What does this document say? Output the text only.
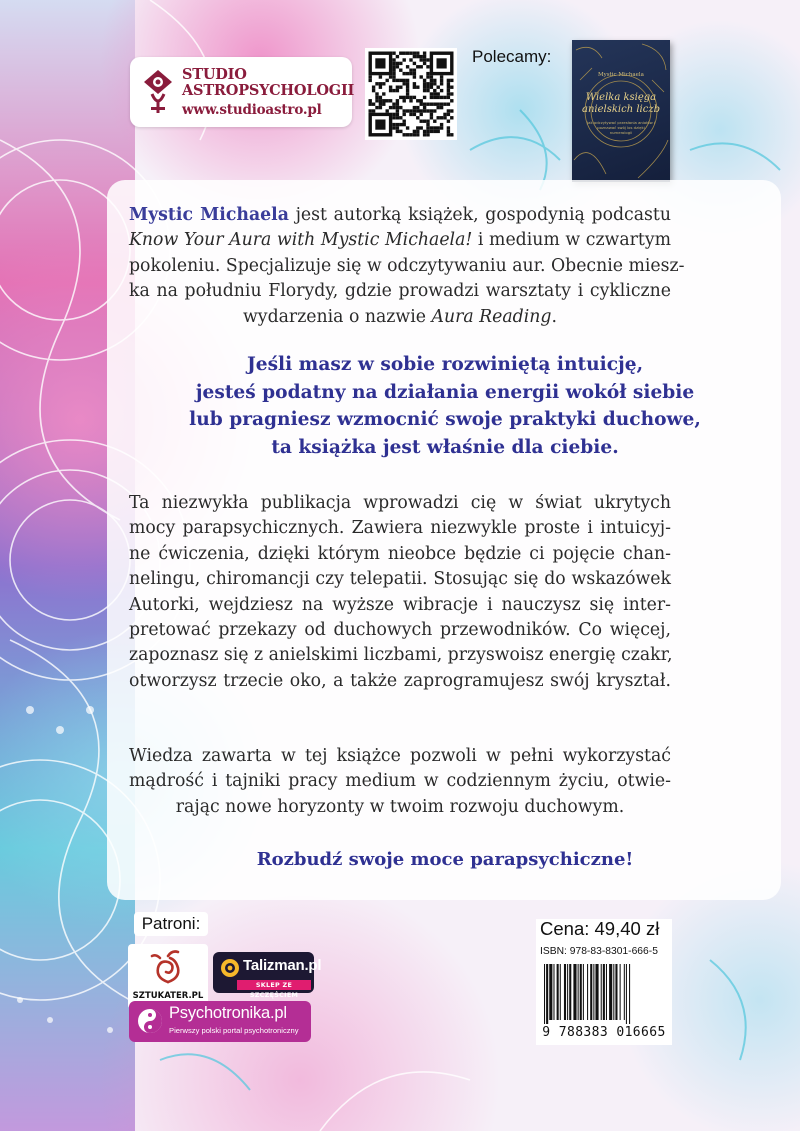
STUDIO
ASTROPSYCHOLOGII
www.studioastro.pl
Polecamy:
Mystic Michaela
Wielka księga
anielskich liczb
Jak odczytywać przesłania aniołów i poznawać swój los dzięki numerologii
Mystic Michaela jest autorką książek, gospodynią podcastu
Know Your Aura with Mystic Michaela! i medium w czwartym
pokoleniu. Specjalizuje się w odczytywaniu aur. Obecnie miesz-
ka na południu Florydy, gdzie prowadzi warsztaty i cykliczne
wydarzenia o nazwie Aura Reading.
Jeśli masz w sobie rozwiniętą intuicję,
jesteś podatny na działania energii wokół siebie
lub pragniesz wzmocnić swoje praktyki duchowe,
ta książka jest właśnie dla ciebie.
Ta niezwykła publikacja wprowadzi cię w świat ukrytych
mocy parapsychicznych. Zawiera niezwykle proste i intuicyj-
ne ćwiczenia, dzięki którym nieobce będzie ci pojęcie chan-
nelingu, chiromancji czy telepatii. Stosując się do wskazówek
Autorki, wejdziesz na wyższe wibracje i nauczysz się inter-
pretować przekazy od duchowych przewodników. Co więcej,
zapoznasz się z anielskimi liczbami, przyswoisz energię czakr,
otworzysz trzecie oko, a także zaprogramujesz swój kryształ.
Wiedza zawarta w tej książce pozwoli w pełni wykorzystać
mądrość i tajniki pracy medium w codziennym życiu, otwie-
rając nowe horyzonty w twoim rozwoju duchowym.
Rozbudź swoje moce parapsychiczne!
Patroni:
SZTUKATER.PL
Talizman.pl
SKLEP ZE SZCZĘŚCIEM
Psychotronika.pl
Pierwszy polski portal psychotroniczny
Cena: 49,40 zł
ISBN: 978-83-8301-666-5
9 788383 016665
